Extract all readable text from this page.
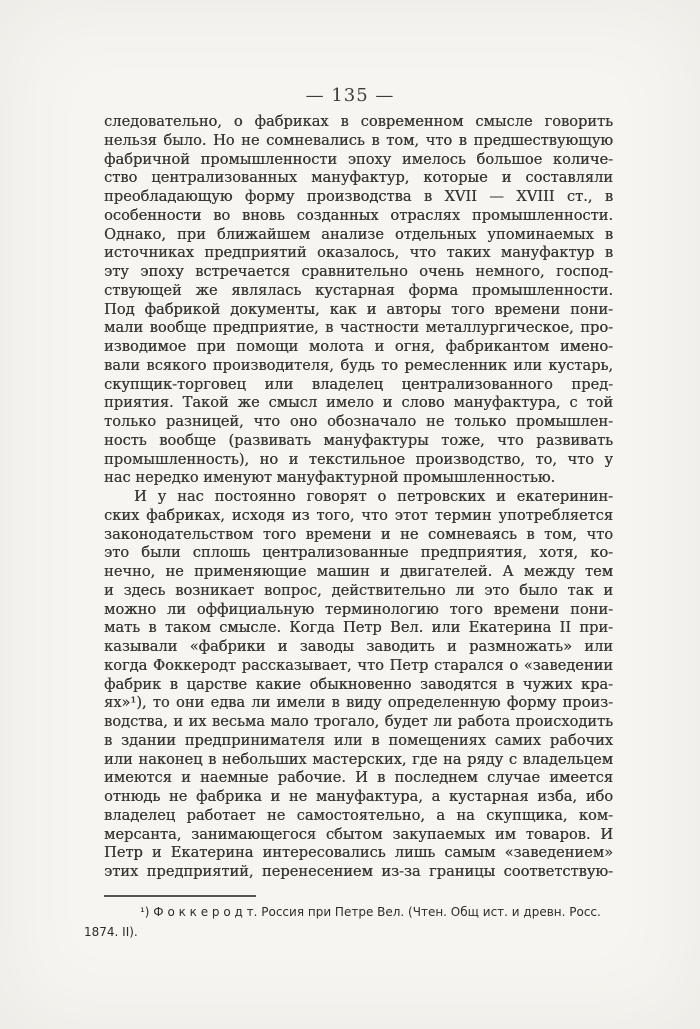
— 135 —
следовательно, о фабриках в современном смысле говорить
нельзя было. Но не сомневались в том, что в предшествующую
фабричной промышленности эпоху имелось большое количе-
ство централизованных мануфактур, которые и составляли
преобладающую форму производства в XVII — XVIII ст., в
особенности во вновь созданных отраслях промышленности.
Однако, при ближайшем анализе отдельных упоминаемых в
источниках предприятий оказалось, что таких мануфактур в
эту эпоху встречается сравнительно очень немного, господ-
ствующей же являлась кустарная форма промышленности.
Под фабрикой документы, как и авторы того времени пони-
мали вообще предприятие, в частности металлургическое, про-
изводимое при помощи молота и огня, фабрикантом имено-
вали всякого производителя, будь то ремесленник или кустарь,
скупщик-торговец или владелец централизованного пред-
приятия. Такой же смысл имело и слово мануфактура, с той
только разницей, что оно обозначало не только промышлен-
ность вообще (развивать мануфактуры тоже, что развивать
промышленность), но и текстильное производство, то, что у
нас нередко именуют мануфактурной промышленностью.
И у нас постоянно говорят о петровских и екатеринин-
ских фабриках, исходя из того, что этот термин употребляется
законодательством того времени и не сомневаясь в том, что
это были сплошь централизованные предприятия, хотя, ко-
нечно, не применяющие машин и двигателей. А между тем
и здесь возникает вопрос, действительно ли это было так и
можно ли оффициальную терминологию того времени пони-
мать в таком смысле. Когда Петр Вел. или Екатерина II при-
казывали «фабрики и заводы заводить и размножать» или
когда Фоккеродт рассказывает, что Петр старался о «заведении
фабрик в царстве какие обыкновенно заводятся в чужих кра-
ях»¹), то они едва ли имели в виду определенную форму произ-
водства, и их весьма мало трогало, будет ли работа происходить
в здании предпринимателя или в помещениях самих рабочих
или наконец в небольших мастерских, где на ряду с владельцем
имеются и наемные рабочие. И в последнем случае имеется
отнюдь не фабрика и не мануфактура, а кустарная изба, ибо
владелец работает не самостоятельно, а на скупщика, ком-
мерсанта, занимающегося сбытом закупаемых им товаров. И
Петр и Екатерина интересовались лишь самым «заведением»
этих предприятий, перенесением из-за границы соответствую-
¹) Ф о к к е р о д т. Россия при Петре Вел. (Чтен. Общ ист. и древн. Росс.
1874. II).
